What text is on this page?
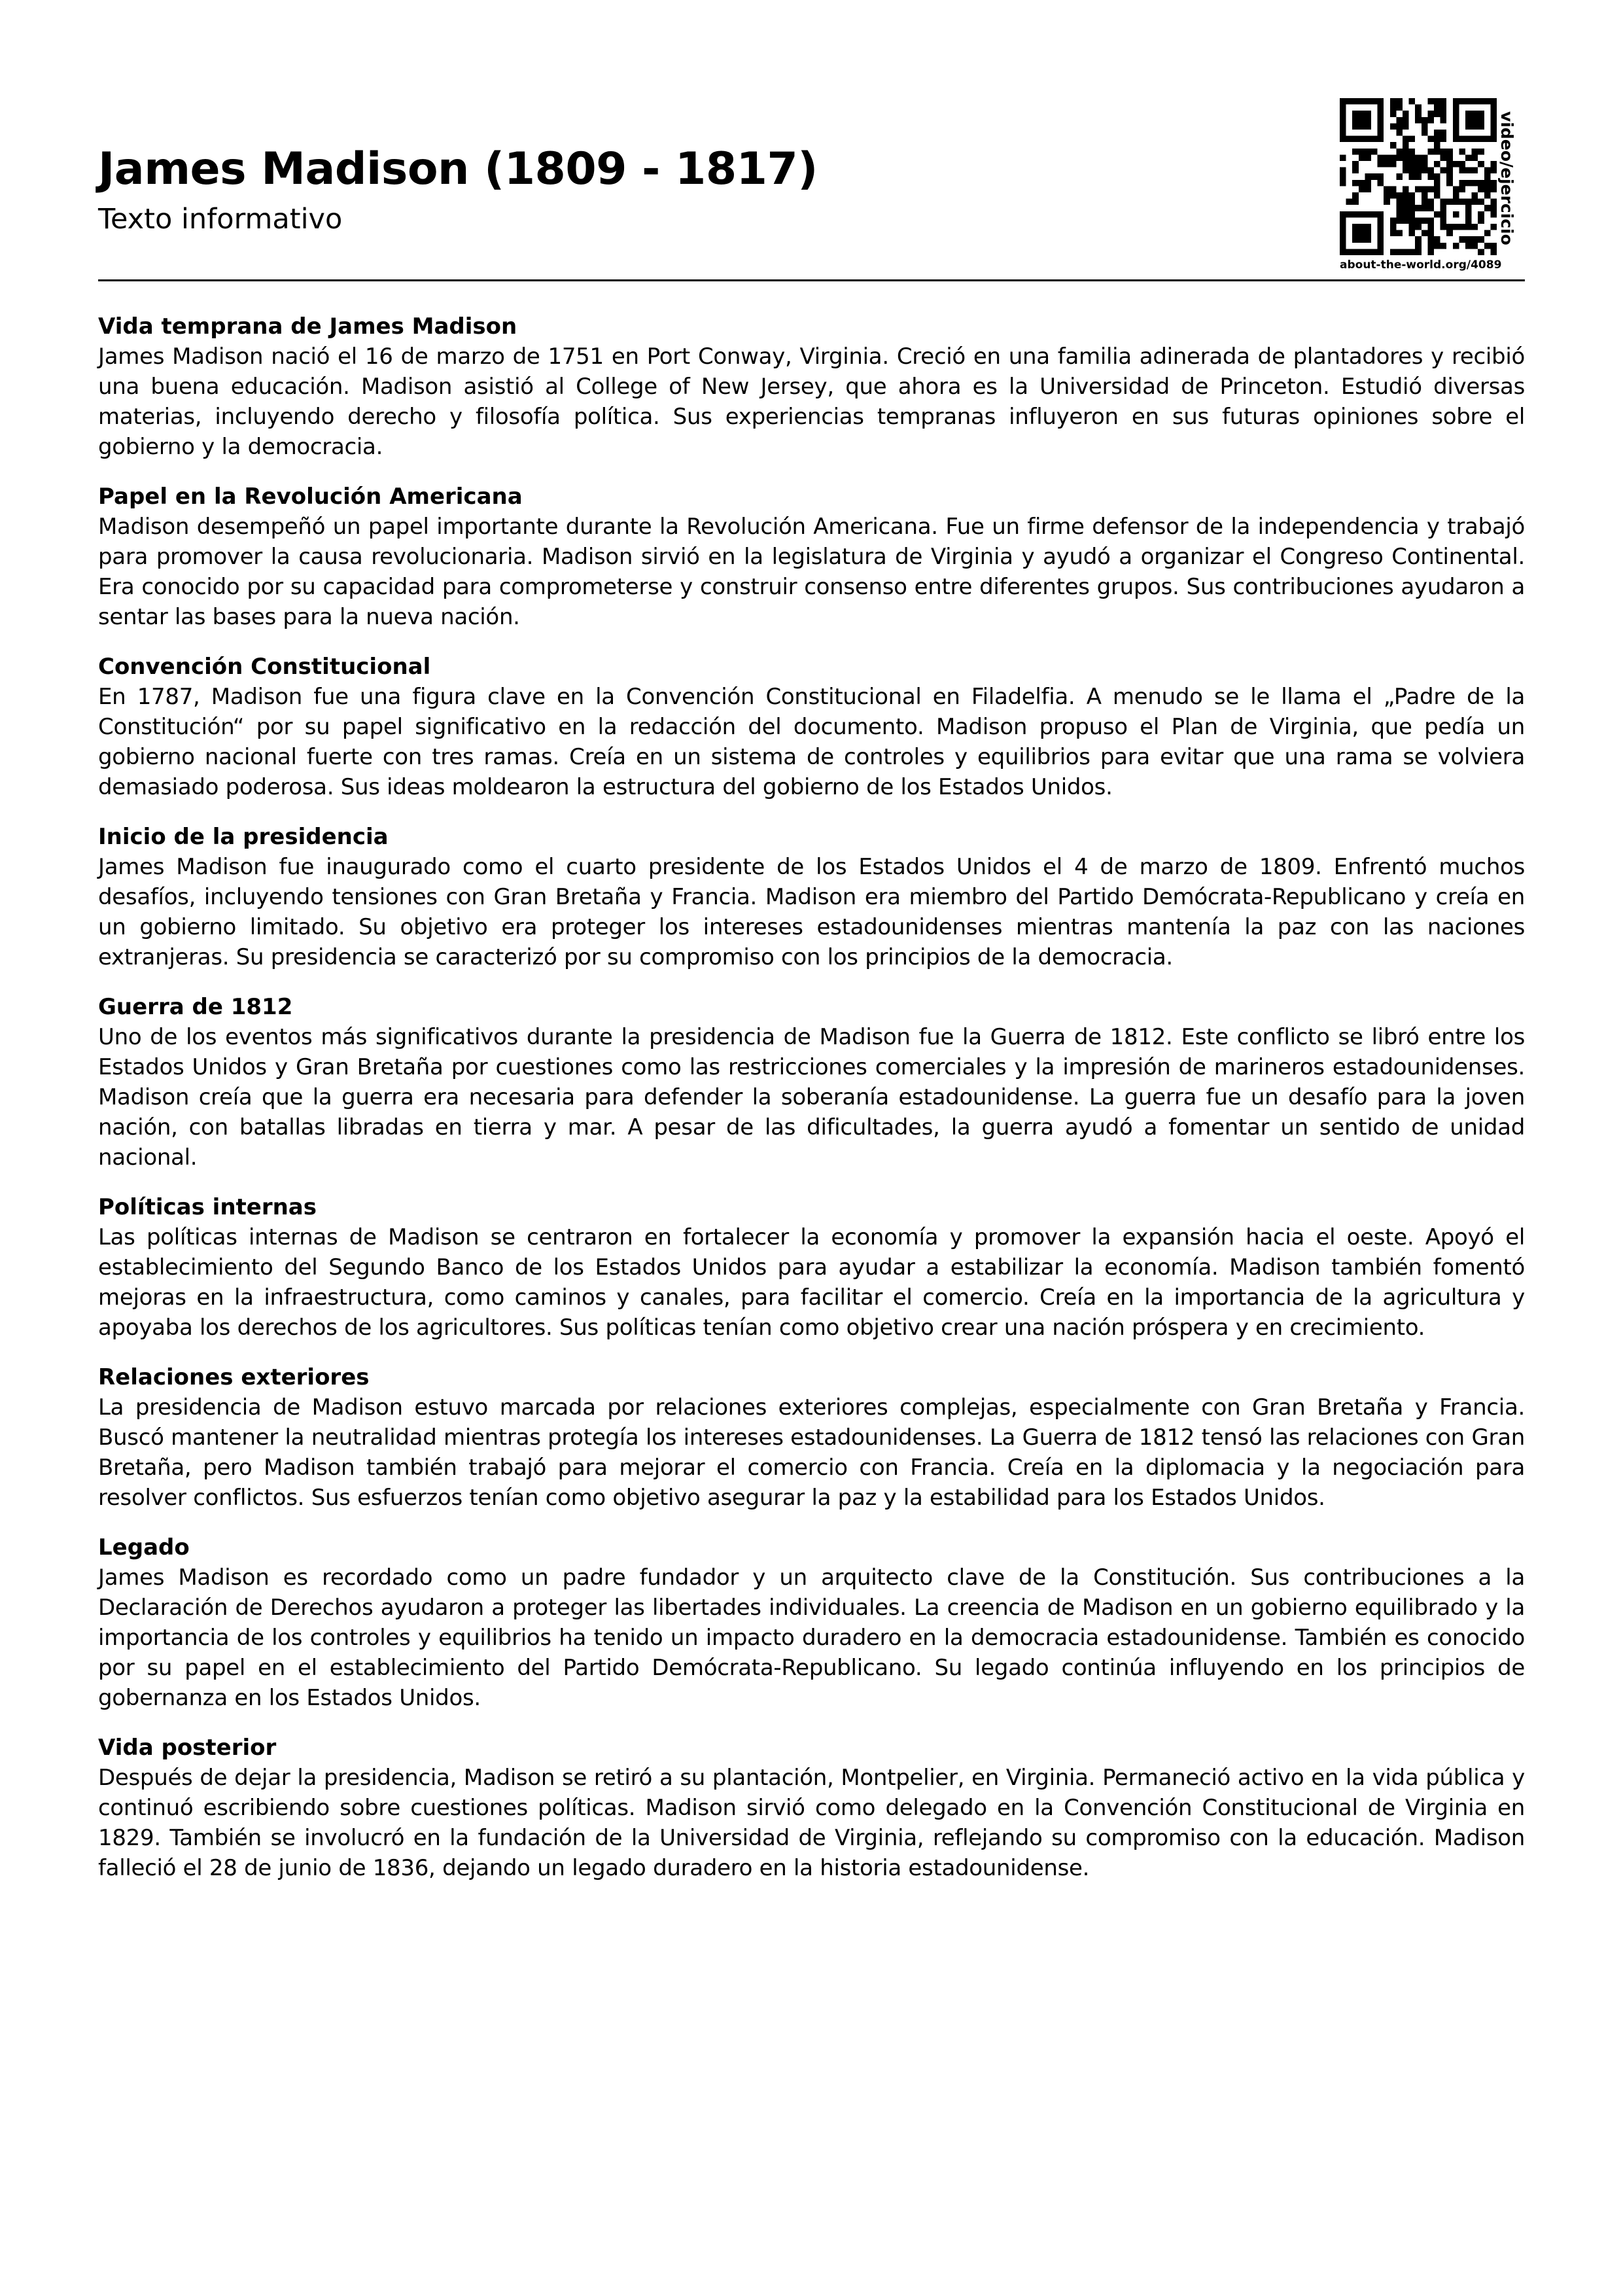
James Madison (1809 - 1817)

Texto informativo	video/ejercicio
about-the-world.org/4089

Vida temprana de James Madison

James Madison nació el 16 de marzo de 1751 en Port Conway, Virginia. Creció en una familia adinerada de plantadores y recibió una buena educación. Madison asistió al College of New Jersey, que ahora es la Universidad de Princeton. Estudió diversas materias, incluyendo derecho y filosofía política. Sus experiencias tempranas influyeron en sus futuras opiniones sobre el gobierno y la democracia.

Papel en la Revolución Americana

Madison desempeñó un papel importante durante la Revolución Americana. Fue un firme defensor de la independencia y trabajó para promover la causa revolucionaria. Madison sirvió en la legislatura de Virginia y ayudó a organizar el Congreso Continental. Era conocido por su capacidad para comprometerse y construir consenso entre diferentes grupos. Sus contribuciones ayudaron a sentar las bases para la nueva nación.

Convención Constitucional

En 1787, Madison fue una figura clave en la Convención Constitucional en Filadelfia. A menudo se le llama el „Padre de la Constitución“ por su papel significativo en la redacción del documento. Madison propuso el Plan de Virginia, que pedía un gobierno nacional fuerte con tres ramas. Creía en un sistema de controles y equilibrios para evitar que una rama se volviera demasiado poderosa. Sus ideas moldearon la estructura del gobierno de los Estados Unidos.

Inicio de la presidencia

James Madison fue inaugurado como el cuarto presidente de los Estados Unidos el 4 de marzo de 1809. Enfrentó muchos desafíos, incluyendo tensiones con Gran Bretaña y Francia. Madison era miembro del Partido Demócrata-Republicano y creía en un gobierno limitado. Su objetivo era proteger los intereses estadounidenses mientras mantenía la paz con las naciones extranjeras. Su presidencia se caracterizó por su compromiso con los principios de la democracia.

Guerra de 1812

Uno de los eventos más significativos durante la presidencia de Madison fue la Guerra de 1812. Este conflicto se libró entre los Estados Unidos y Gran Bretaña por cuestiones como las restricciones comerciales y la impresión de marineros estadounidenses. Madison creía que la guerra era necesaria para defender la soberanía estadounidense. La guerra fue un desafío para la joven nación, con batallas libradas en tierra y mar. A pesar de las dificultades, la guerra ayudó a fomentar un sentido de unidad nacional.

Políticas internas

Las políticas internas de Madison se centraron en fortalecer la economía y promover la expansión hacia el oeste. Apoyó el establecimiento del Segundo Banco de los Estados Unidos para ayudar a estabilizar la economía. Madison también fomentó mejoras en la infraestructura, como caminos y canales, para facilitar el comercio. Creía en la importancia de la agricultura y apoyaba los derechos de los agricultores. Sus políticas tenían como objetivo crear una nación próspera y en crecimiento.

Relaciones exteriores

La presidencia de Madison estuvo marcada por relaciones exteriores complejas, especialmente con Gran Bretaña y Francia. Buscó mantener la neutralidad mientras protegía los intereses estadounidenses. La Guerra de 1812 tensó las relaciones con Gran Bretaña, pero Madison también trabajó para mejorar el comercio con Francia. Creía en la diplomacia y la negociación para resolver conflictos. Sus esfuerzos tenían como objetivo asegurar la paz y la estabilidad para los Estados Unidos.

Legado

James Madison es recordado como un padre fundador y un arquitecto clave de la Constitución. Sus contribuciones a la Declaración de Derechos ayudaron a proteger las libertades individuales. La creencia de Madison en un gobierno equilibrado y la importancia de los controles y equilibrios ha tenido un impacto duradero en la democracia estadounidense. También es conocido por su papel en el establecimiento del Partido Demócrata-Republicano. Su legado continúa influyendo en los principios de gobernanza en los Estados Unidos.

Vida posterior

Después de dejar la presidencia, Madison se retiró a su plantación, Montpelier, en Virginia. Permaneció activo en la vida pública y continuó escribiendo sobre cuestiones políticas. Madison sirvió como delegado en la Convención Constitucional de Virginia en 1829. También se involucró en la fundación de la Universidad de Virginia, reflejando su compromiso con la educación. Madison falleció el 28 de junio de 1836, dejando un legado duradero en la historia estadounidense.
